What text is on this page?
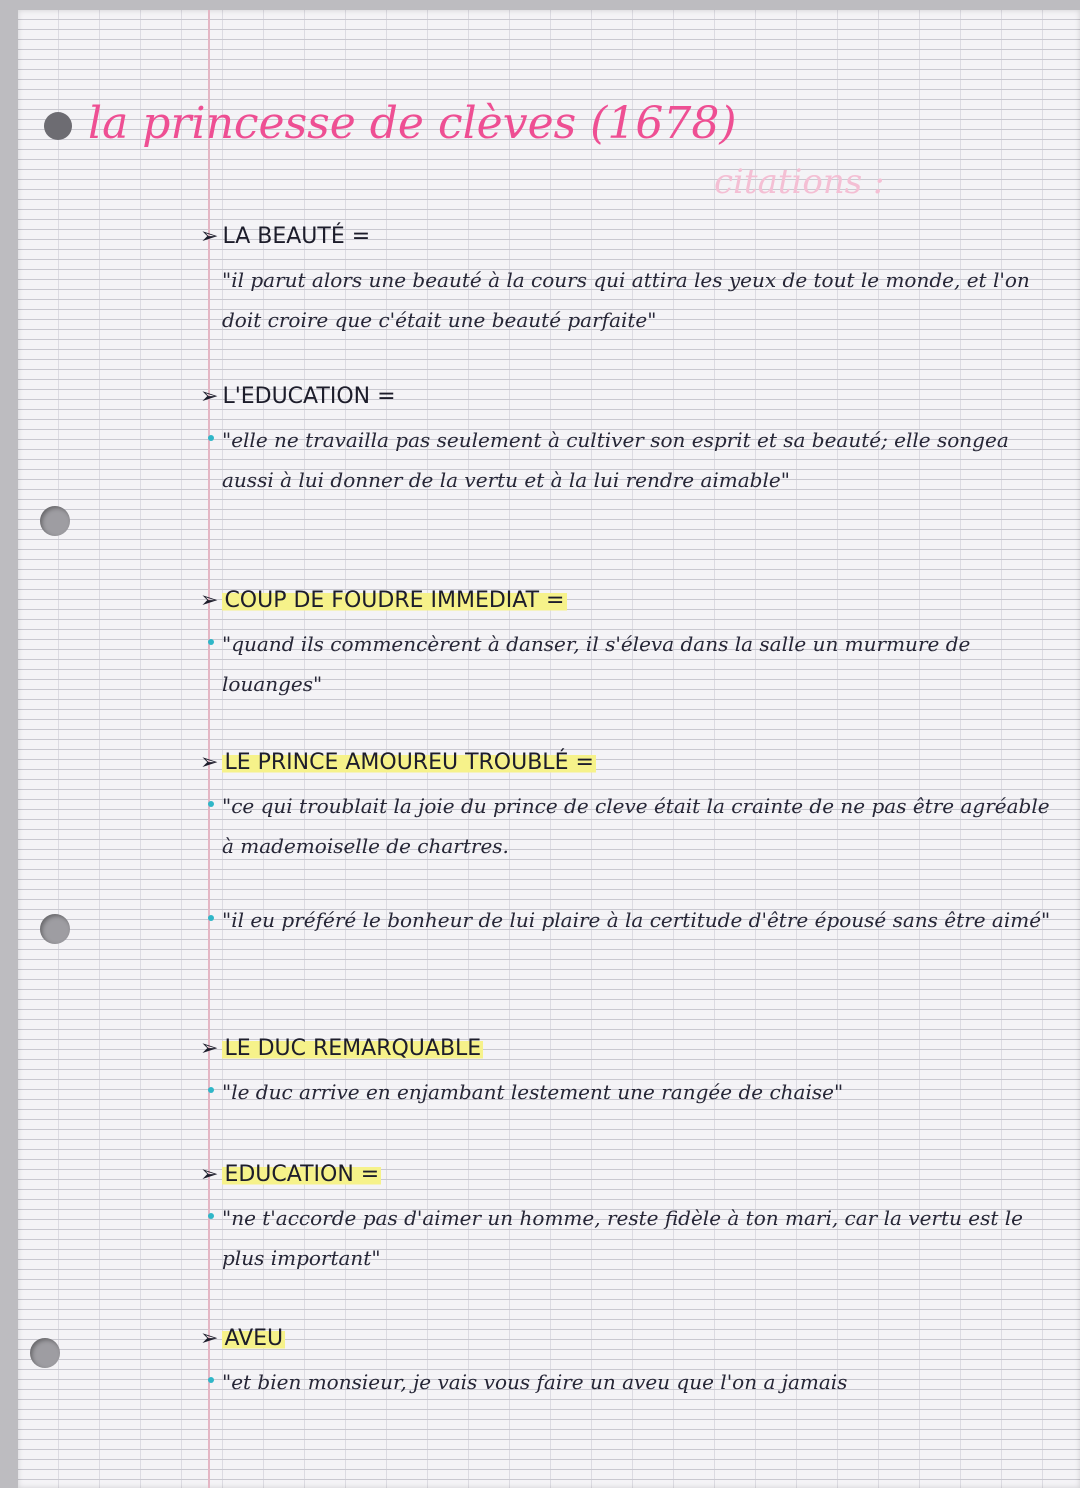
la princesse de clèves (1678)
citations :
➢ LA BEAUTÉ =
"il parut alors une beauté à la cours qui attira les yeux de tout le monde, et l'on doit croire que c'était une beauté parfaite"
➢ L'EDUCATION =
"elle ne travailla pas seulement à cultiver son esprit et sa beauté; elle songea aussi à lui donner de la vertu et à la lui rendre aimable"
➢ COUP DE FOUDRE IMMEDIAT =
"quand ils commencèrent à danser, il s'éleva dans la salle un murmure de louanges"
➢ LE PRINCE AMOUREU TROUBLÉ =
"ce qui troublait la joie du prince de cleve était la crainte de ne pas être agréable à mademoiselle de chartres.
"il eu préféré le bonheur de lui plaire à la certitude d'être épousé sans être aimé"
➢ LE DUC REMARQUABLE
"le duc arrive en enjambant lestement une rangée de chaise"
➢ EDUCATION =
"ne t'accorde pas d'aimer un homme, reste fidèle à ton mari, car la vertu est le plus important"
➢ AVEU
"et bien monsieur, je vais vous faire un aveu que l'on a jamais
